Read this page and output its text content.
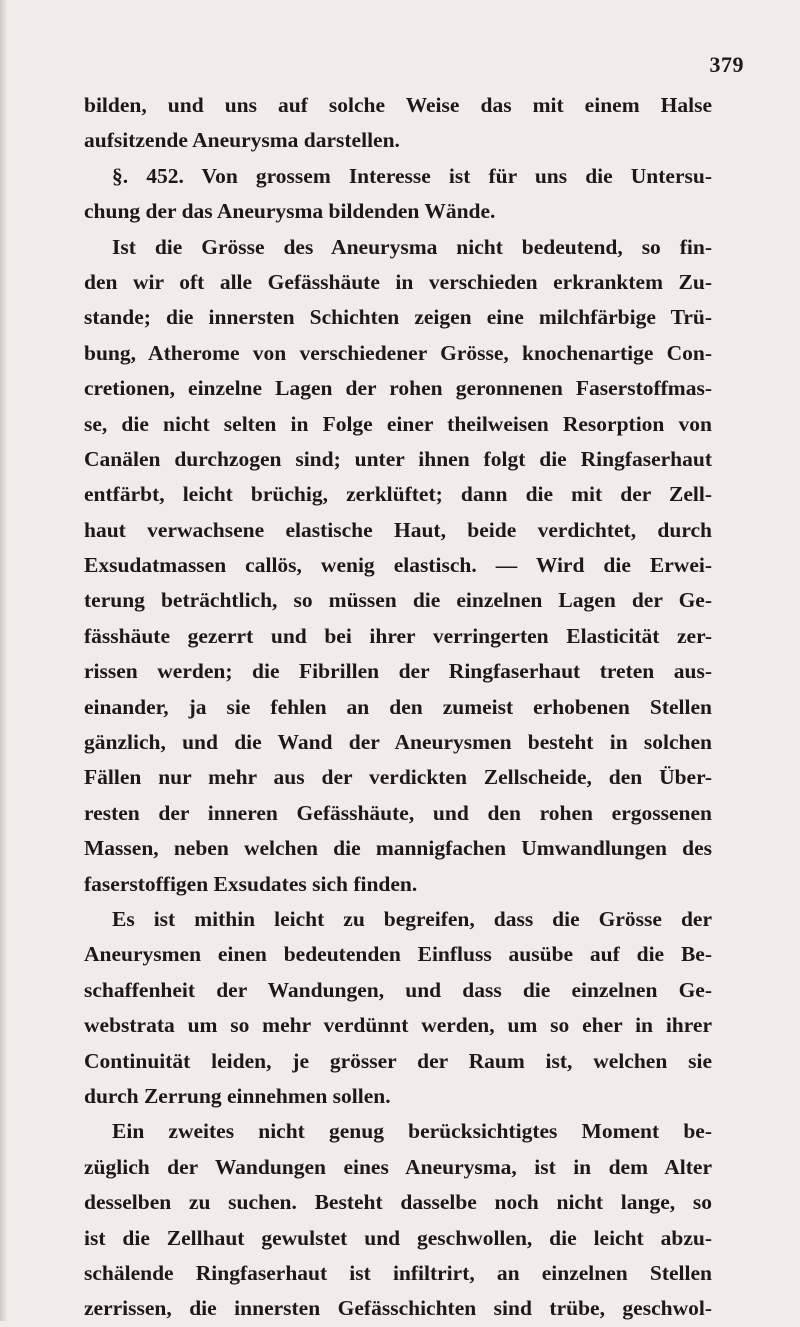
379
bilden, und uns auf solche Weise das mit einem Halse
aufsitzende Aneurysma darstellen.
§. 452. Von grossem Interesse ist für uns die Untersu-
chung der das Aneurysma bildenden Wände.
Ist die Grösse des Aneurysma nicht bedeutend, so fin-
den wir oft alle Gefässhäute in verschieden erkranktem Zu-
stande; die innersten Schichten zeigen eine milchfärbige Trü-
bung, Atherome von verschiedener Grösse, knochenartige Con-
cretionen, einzelne Lagen der rohen geronnenen Faserstoffmas-
se, die nicht selten in Folge einer theilweisen Resorption von
Canälen durchzogen sind; unter ihnen folgt die Ringfaserhaut
entfärbt, leicht brüchig, zerklüftet; dann die mit der Zell-
haut verwachsene elastische Haut, beide verdichtet, durch
Exsudatmassen callös, wenig elastisch. — Wird die Erwei-
terung beträchtlich, so müssen die einzelnen Lagen der Ge-
fässhäute gezerrt und bei ihrer verringerten Elasticität zer-
rissen werden; die Fibrillen der Ringfaserhaut treten aus-
einander, ja sie fehlen an den zumeist erhobenen Stellen
gänzlich, und die Wand der Aneurysmen besteht in solchen
Fällen nur mehr aus der verdickten Zellscheide, den Über-
resten der inneren Gefässhäute, und den rohen ergossenen
Massen, neben welchen die mannigfachen Umwandlungen des
faserstoffigen Exsudates sich finden.
Es ist mithin leicht zu begreifen, dass die Grösse der
Aneurysmen einen bedeutenden Einfluss ausübe auf die Be-
schaffenheit der Wandungen, und dass die einzelnen Ge-
webstrata um so mehr verdünnt werden, um so eher in ihrer
Continuität leiden, je grösser der Raum ist, welchen sie
durch Zerrung einnehmen sollen.
Ein zweites nicht genug berücksichtigtes Moment be-
züglich der Wandungen eines Aneurysma, ist in dem Alter
desselben zu suchen. Besteht dasselbe noch nicht lange, so
ist die Zellhaut gewulstet und geschwollen, die leicht abzu-
schälende Ringfaserhaut ist infiltrirt, an einzelnen Stellen
zerrissen, die innersten Gefässchichten sind trübe, geschwol-
